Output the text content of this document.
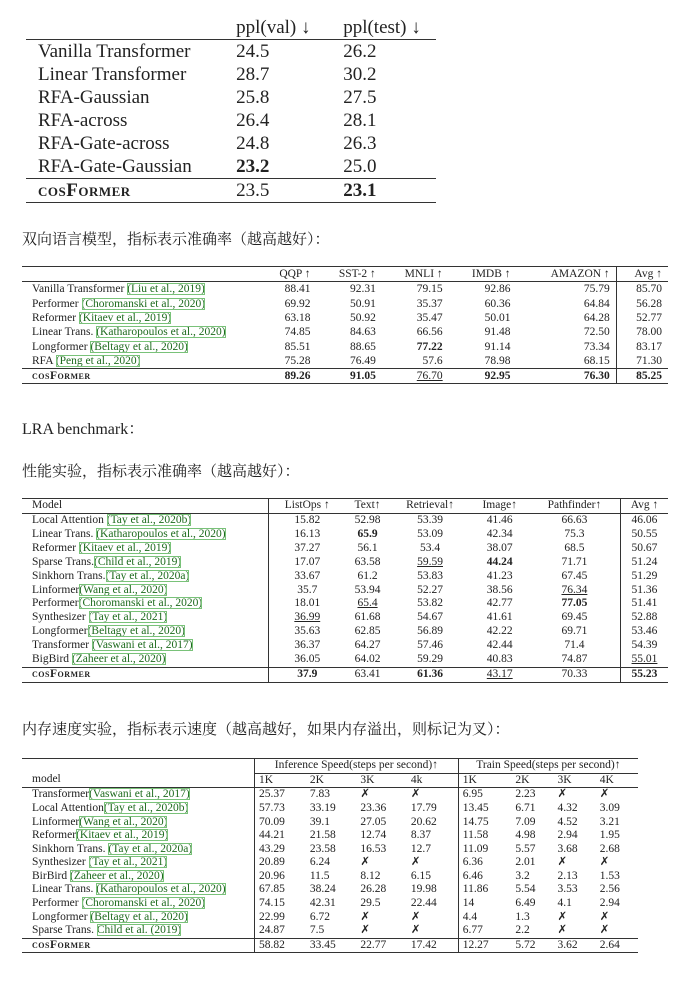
	ppl(val) ↓	ppl(test) ↓
Vanilla Transformer	24.5	26.2
Linear Transformer	28.7	30.2
RFA-Gaussian	25.8	27.5
RFA-across	26.4	28.1
RFA-Gate-across	24.8	26.3
RFA-Gate-Gaussian	23.2	25.0
cosFormer	23.5	23.1
双向语言模型，指标表示准确率（越高越好）：
	QQP ↑	SST-2 ↑	MNLI ↑	IMDB ↑	AMAZON ↑	Avg ↑
Vanilla Transformer (Liu et al., 2019)	88.41	92.31	79.15	92.86	75.79	85.70
Performer (Choromanski et al., 2020)	69.92	50.91	35.37	60.36	64.84	56.28
Reformer (Kitaev et al., 2019)	63.18	50.92	35.47	50.01	64.28	52.77
Linear Trans. (Katharopoulos et al., 2020)	74.85	84.63	66.56	91.48	72.50	78.00
Longformer (Beltagy et al., 2020)	85.51	88.65	77.22	91.14	73.34	83.17
RFA (Peng et al., 2020)	75.28	76.49	57.6	78.98	68.15	71.30
cosFormer	89.26	91.05	76.70	92.95	76.30	85.25
LRA benchmark：
性能实验，指标表示准确率（越高越好）：
Model	ListOps ↑	Text↑	Retrieval↑	Image↑	Pathfinder↑	Avg ↑
Local Attention (Tay et al., 2020b)	15.82	52.98	53.39	41.46	66.63	46.06
Linear Trans. (Katharopoulos et al., 2020)	16.13	65.9	53.09	42.34	75.3	50.55
Reformer (Kitaev et al., 2019)	37.27	56.1	53.4	38.07	68.5	50.67
Sparse Trans.(Child et al., 2019)	17.07	63.58	59.59	44.24	71.71	51.24
Sinkhorn Trans.(Tay et al., 2020a)	33.67	61.2	53.83	41.23	67.45	51.29
Linformer(Wang et al., 2020)	35.7	53.94	52.27	38.56	76.34	51.36
Performer(Choromanski et al., 2020)	18.01	65.4	53.82	42.77	77.05	51.41
Synthesizer (Tay et al., 2021)	36.99	61.68	54.67	41.61	69.45	52.88
Longformer(Beltagy et al., 2020)	35.63	62.85	56.89	42.22	69.71	53.46
Transformer (Vaswani et al., 2017)	36.37	64.27	57.46	42.44	71.4	54.39
BigBird (Zaheer et al., 2020)	36.05	64.02	59.29	40.83	74.87	55.01
cosFormer	37.9	63.41	61.36	43.17	70.33	55.23
内存速度实验，指标表示速度（越高越好，如果内存溢出，则标记为叉）：
	Inference Speed(steps per second)↑				Train Speed(steps per second)↑			
model	1K	2K	3K	4k	1K	2K	3K	4K
Transformer(Vaswani et al., 2017)	25.37	7.83	✗	✗	6.95	2.23	✗	✗
Local Attention(Tay et al., 2020b)	57.73	33.19	23.36	17.79	13.45	6.71	4.32	3.09
Linformer(Wang et al., 2020)	70.09	39.1	27.05	20.62	14.75	7.09	4.52	3.21
Reformer(Kitaev et al., 2019)	44.21	21.58	12.74	8.37	11.58	4.98	2.94	1.95
Sinkhorn Trans. (Tay et al., 2020a)	43.29	23.58	16.53	12.7	11.09	5.57	3.68	2.68
Synthesizer (Tay et al., 2021)	20.89	6.24	✗	✗	6.36	2.01	✗	✗
BirBird (Zaheer et al., 2020)	20.96	11.5	8.12	6.15	6.46	3.2	2.13	1.53
Linear Trans. (Katharopoulos et al., 2020)	67.85	38.24	26.28	19.98	11.86	5.54	3.53	2.56
Performer (Choromanski et al., 2020)	74.15	42.31	29.5	22.44	14	6.49	4.1	2.94
Longformer (Beltagy et al., 2020)	22.99	6.72	✗	✗	4.4	1.3	✗	✗
Sparse Trans. Child et al. (2019)	24.87	7.5	✗	✗	6.77	2.2	✗	✗
cosFormer	58.82	33.45	22.77	17.42	12.27	5.72	3.62	2.64
